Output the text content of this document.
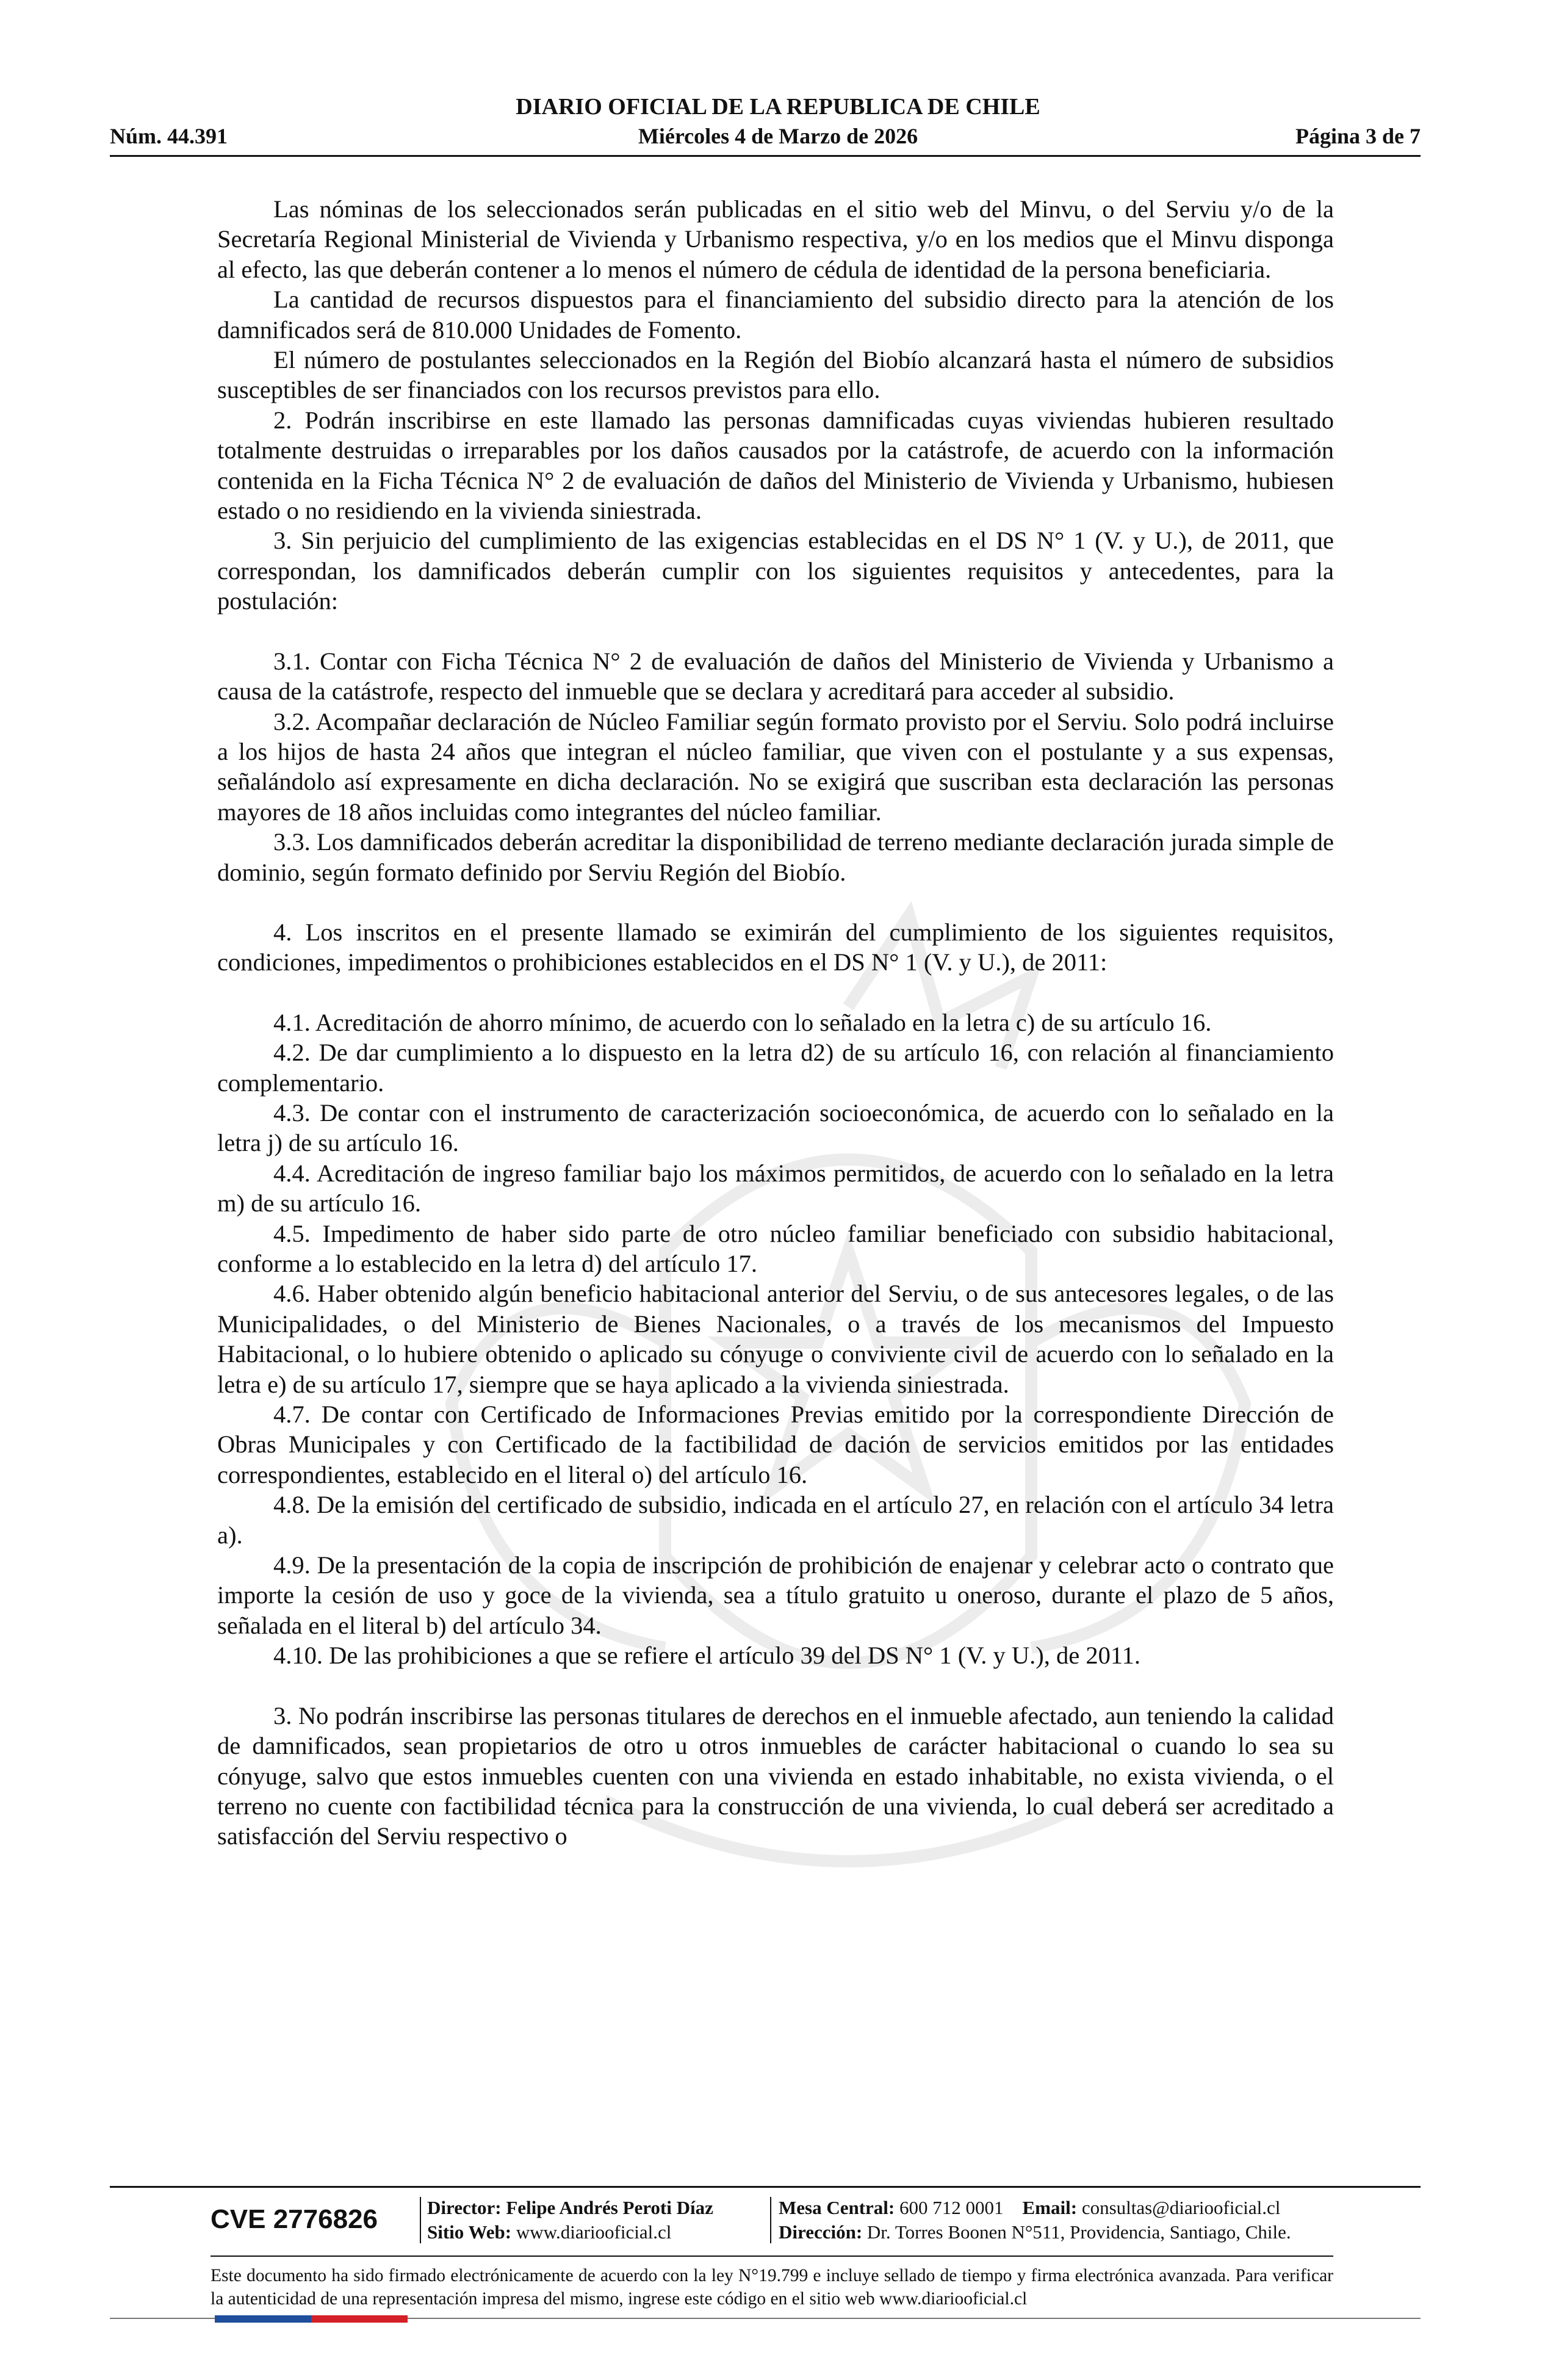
DIARIO OFICIAL DE LA REPUBLICA DE CHILE
Núm. 44.391	Miércoles 4 de Marzo de 2026	Página 3 de 7

Las nóminas de los seleccionados serán publicadas en el sitio web del Minvu, o del Serviu y/o de la Secretaría Regional Ministerial de Vivienda y Urbanismo respectiva, y/o en los medios que el Minvu disponga al efecto, las que deberán contener a lo menos el número de cédula de identidad de la persona beneficiaria.

La cantidad de recursos dispuestos para el financiamiento del subsidio directo para la atención de los damnificados será de 810.000 Unidades de Fomento.

El número de postulantes seleccionados en la Región del Biobío alcanzará hasta el número de subsidios susceptibles de ser financiados con los recursos previstos para ello.

2. Podrán inscribirse en este llamado las personas damnificadas cuyas viviendas hubieren resultado totalmente destruidas o irreparables por los daños causados por la catástrofe, de acuerdo con la información contenida en la Ficha Técnica N° 2 de evaluación de daños del Ministerio de Vivienda y Urbanismo, hubiesen estado o no residiendo en la vivienda siniestrada.

3. Sin perjuicio del cumplimiento de las exigencias establecidas en el DS N° 1 (V. y U.), de 2011, que correspondan, los damnificados deberán cumplir con los siguientes requisitos y antecedentes, para la postulación:

3.1. Contar con Ficha Técnica N° 2 de evaluación de daños del Ministerio de Vivienda y Urbanismo a causa de la catástrofe, respecto del inmueble que se declara y acreditará para acceder al subsidio.

3.2. Acompañar declaración de Núcleo Familiar según formato provisto por el Serviu. Solo podrá incluirse a los hijos de hasta 24 años que integran el núcleo familiar, que viven con el postulante y a sus expensas, señalándolo así expresamente en dicha declaración. No se exigirá que suscriban esta declaración las personas mayores de 18 años incluidas como integrantes del núcleo familiar.

3.3. Los damnificados deberán acreditar la disponibilidad de terreno mediante declaración jurada simple de dominio, según formato definido por Serviu Región del Biobío.

4. Los inscritos en el presente llamado se eximirán del cumplimiento de los siguientes requisitos, condiciones, impedimentos o prohibiciones establecidos en el DS N° 1 (V. y U.), de 2011:

4.1. Acreditación de ahorro mínimo, de acuerdo con lo señalado en la letra c) de su artículo 16.

4.2. De dar cumplimiento a lo dispuesto en la letra d2) de su artículo 16, con relación al financiamiento complementario.

4.3. De contar con el instrumento de caracterización socioeconómica, de acuerdo con lo señalado en la letra j) de su artículo 16.

4.4. Acreditación de ingreso familiar bajo los máximos permitidos, de acuerdo con lo señalado en la letra m) de su artículo 16.

4.5. Impedimento de haber sido parte de otro núcleo familiar beneficiado con subsidio habitacional, conforme a lo establecido en la letra d) del artículo 17.

4.6. Haber obtenido algún beneficio habitacional anterior del Serviu, o de sus antecesores legales, o de las Municipalidades, o del Ministerio de Bienes Nacionales, o a través de los mecanismos del Impuesto Habitacional, o lo hubiere obtenido o aplicado su cónyuge o conviviente civil de acuerdo con lo señalado en la letra e) de su artículo 17, siempre que se haya aplicado a la vivienda siniestrada.

4.7. De contar con Certificado de Informaciones Previas emitido por la correspondiente Dirección de Obras Municipales y con Certificado de la factibilidad de dación de servicios emitidos por las entidades correspondientes, establecido en el literal o) del artículo 16.

4.8. De la emisión del certificado de subsidio, indicada en el artículo 27, en relación con el artículo 34 letra a).

4.9. De la presentación de la copia de inscripción de prohibición de enajenar y celebrar acto o contrato que importe la cesión de uso y goce de la vivienda, sea a título gratuito u oneroso, durante el plazo de 5 años, señalada en el literal b) del artículo 34.

4.10. De las prohibiciones a que se refiere el artículo 39 del DS N° 1 (V. y U.), de 2011.

3. No podrán inscribirse las personas titulares de derechos en el inmueble afectado, aun teniendo la calidad de damnificados, sean propietarios de otro u otros inmuebles de carácter habitacional o cuando lo sea su cónyuge, salvo que estos inmuebles cuenten con una vivienda en estado inhabitable, no exista vivienda, o el terreno no cuente con factibilidad técnica para la construcción de una vivienda, lo cual deberá ser acreditado a satisfacción del Serviu respectivo o

CVE 2776826	Director: Felipe Andrés Peroti Díaz
Sitio Web: www.diariooficial.cl
Mesa Central: 600 712 0001 Email: consultas@diariooficial.cl
Dirección: Dr. Torres Boonen N°511, Providencia, Santiago, Chile.
Este documento ha sido firmado electrónicamente de acuerdo con la ley N°19.799 e incluye sellado de tiempo y firma electrónica avanzada. Para verificar la autenticidad de una representación impresa del mismo, ingrese este código en el sitio web www.diariooficial.cl
